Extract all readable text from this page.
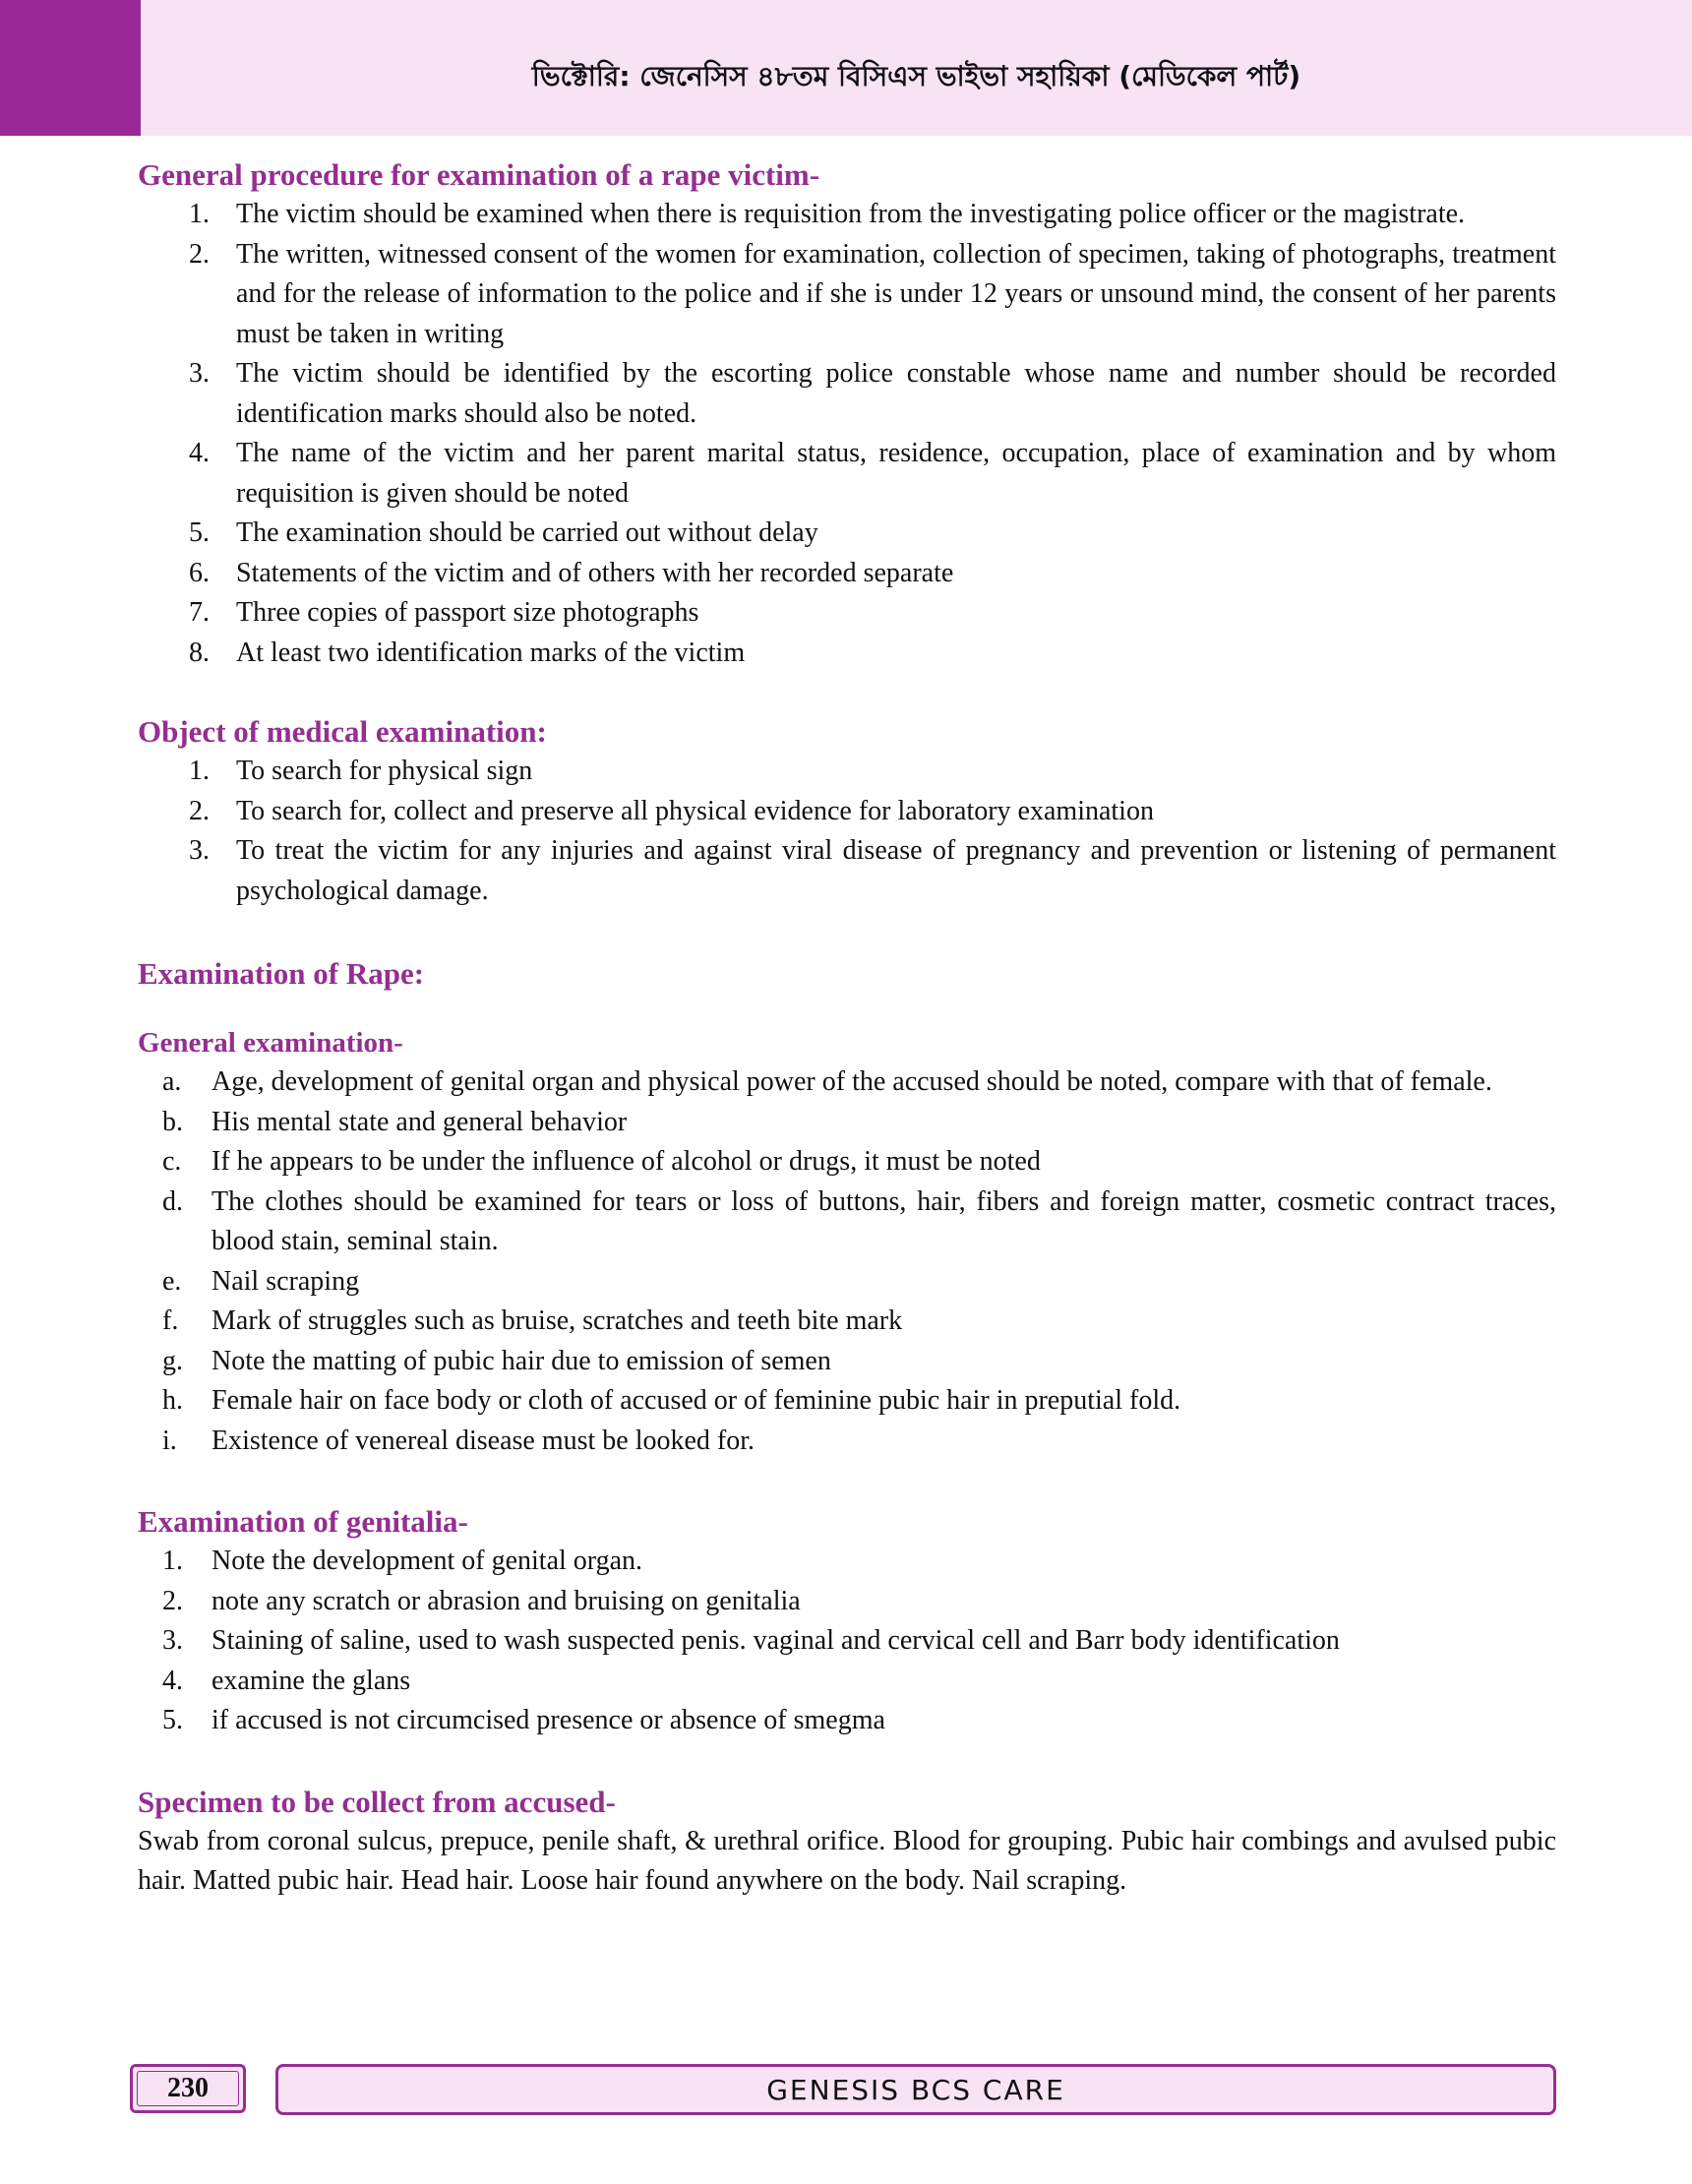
ভিক্টোরি: জেনেসিস ৪৮তম বিসিএস ভাইভা সহায়িকা (মেডিকেল পার্ট)
General procedure for examination of a rape victim-
1. The victim should be examined when there is requisition from the investigating police officer or the magistrate.
2. The written, witnessed consent of the women for examination, collection of specimen, taking of photographs, treatment and for the release of information to the police and if she is under 12 years or unsound mind, the consent of her parents must be taken in writing
3. The victim should be identified by the escorting police constable whose name and number should be recorded identification marks should also be noted.
4. The name of the victim and her parent marital status, residence, occupation, place of examination and by whom requisition is given should be noted
5. The examination should be carried out without delay
6. Statements of the victim and of others with her recorded separate
7. Three copies of passport size photographs
8. At least two identification marks of the victim
Object of medical examination:
1. To search for physical sign
2. To search for, collect and preserve all physical evidence for laboratory examination
3. To treat the victim for any injuries and against viral disease of pregnancy and prevention or listening of permanent psychological damage.
Examination of Rape:
General examination-
a. Age, development of genital organ and physical power of the accused should be noted, compare with that of female.
b. His mental state and general behavior
c. If he appears to be under the influence of alcohol or drugs, it must be noted
d. The clothes should be examined for tears or loss of buttons, hair, fibers and foreign matter, cosmetic contract traces, blood stain, seminal stain.
e. Nail scraping
f. Mark of struggles such as bruise, scratches and teeth bite mark
g. Note the matting of pubic hair due to emission of semen
h. Female hair on face body or cloth of accused or of feminine pubic hair in preputial fold.
i. Existence of venereal disease must be looked for.
Examination of genitalia-
1. Note the development of genital organ.
2. note any scratch or abrasion and bruising on genitalia
3. Staining of saline, used to wash suspected penis. vaginal and cervical cell and Barr body identification
4. examine the glans
5. if accused is not circumcised presence or absence of smegma
Specimen to be collect from accused-

Swab from coronal sulcus, prepuce, penile shaft, & urethral orifice. Blood for grouping. Pubic hair combings and avulsed pubic hair. Matted pubic hair. Head hair. Loose hair found anywhere on the body. Nail scraping.

230	GENESIS BCS CARE
